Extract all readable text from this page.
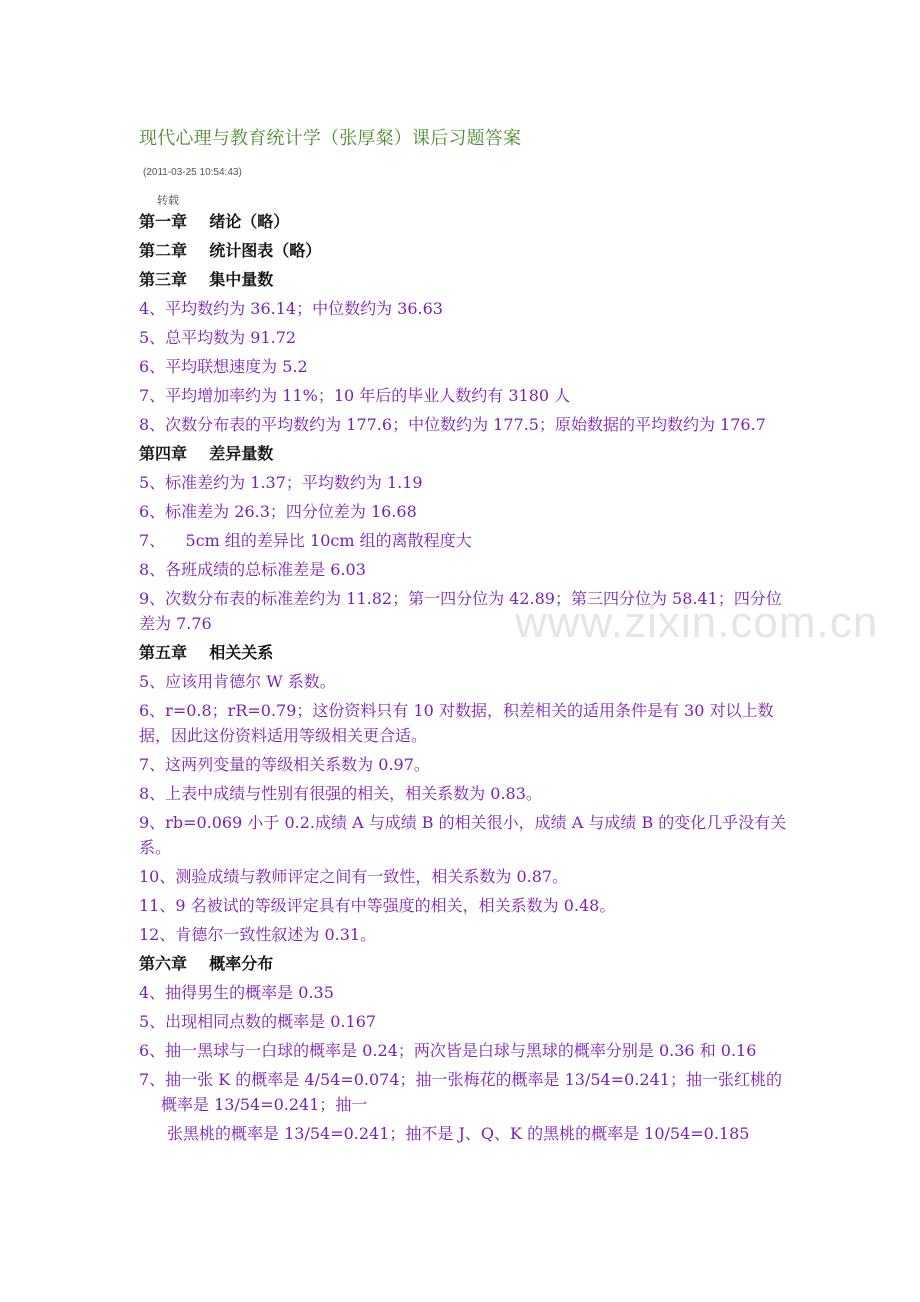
现代心理与教育统计学（张厚粲）课后习题答案
(2011-03-25 10:54:43)
转载
www.zixin.com.cn
第一章    绪论（略）
第二章    统计图表（略）
第三章    集中量数
4、平均数约为 36.14；中位数约为 36.63
5、总平均数为 91.72
6、平均联想速度为 5.2
7、平均增加率约为 11%；10 年后的毕业人数约有 3180 人
8、次数分布表的平均数约为 177.6；中位数约为 177.5；原始数据的平均数约为 176.7
第四章    差异量数
5、标准差约为 1.37；平均数约为 1.19
6、标准差为 26.3；四分位差为 16.68
7、    5cm 组的差异比 10cm 组的离散程度大
8、各班成绩的总标准差是 6.03
9、次数分布表的标准差约为 11.82；第一四分位为 42.89；第三四分位为 58.41；四分位差为 7.76
第五章    相关关系
5、应该用肯德尔 W 系数。
6、r=0.8；rR=0.79；这份资料只有 10 对数据，积差相关的适用条件是有 30 对以上数据，因此这份资料适用等级相关更合适。
7、这两列变量的等级相关系数为 0.97。
8、上表中成绩与性别有很强的相关，相关系数为 0.83。
9、rb=0.069 小于 0.2.成绩 A 与成绩 B 的相关很小，成绩 A 与成绩 B 的变化几乎没有关系。
10、测验成绩与教师评定之间有一致性，相关系数为 0.87。
11、9 名被试的等级评定具有中等强度的相关，相关系数为 0.48。
12、肯德尔一致性叙述为 0.31。
第六章    概率分布
4、抽得男生的概率是 0.35
5、出现相同点数的概率是 0.167
6、抽一黑球与一白球的概率是 0.24；两次皆是白球与黑球的概率分别是 0.36 和 0.16
7、抽一张 K 的概率是 4/54=0.074；抽一张梅花的概率是 13/54=0.241；抽一张红桃的概率是 13/54=0.241；抽一
张黑桃的概率是 13/54=0.241；抽不是 J、Q、K 的黑桃的概率是 10/54=0.185
